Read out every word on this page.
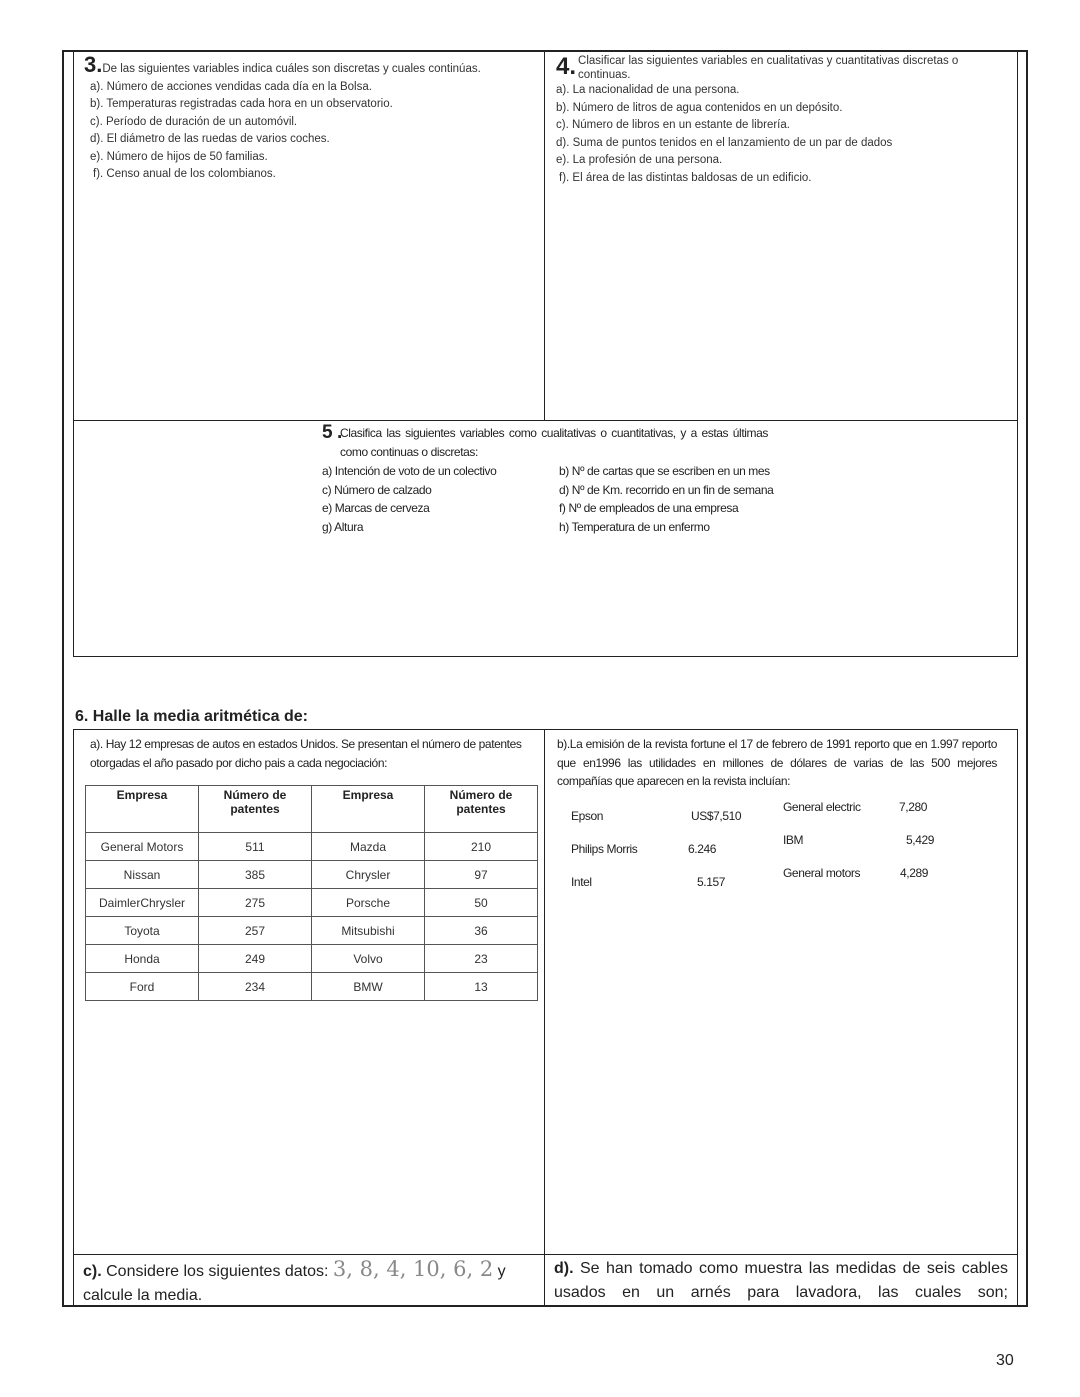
3.De las siguientes variables indica cuáles son discretas y cuales continúas.
a). Número de acciones vendidas cada día en la Bolsa.
b). Temperaturas registradas cada hora en un observatorio.
c). Período de duración de un automóvil.
d). El diámetro de las ruedas de varios coches.
e). Número de hijos de 50 familias.
f). Censo anual de los colombianos.
4. Clasificar las siguientes variables en cualitativas y cuantitativas discretas o continuas.
a). La nacionalidad de una persona.
b). Número de litros de agua contenidos en un depósito.
c). Número de libros en un estante de librería.
d). Suma de puntos tenidos en el lanzamiento de un par de dados
e). La profesión de una persona.
f). El área de las distintas baldosas de un edificio.
5 .
Clasifica las siguientes variables como cualitativas o cuantitativas, y a estas últimas como continuas o discretas:
a) Intención de voto de un colectivo
c) Número de calzado
e) Marcas de cerveza
g) Altura
b) Nº de cartas que se escriben en un mes
d) Nº de Km. recorrido en un fin de semana
f) Nº de empleados de una empresa
h) Temperatura de un enfermo
6. Halle la media aritmética de:
a). Hay 12 empresas de autos en estados Unidos. Se presentan el número de patentes otorgadas el año pasado por dicho pais a cada negociación:
Empresa	Número de patentes	Empresa	Número de patentes
General Motors	511	Mazda	210
Nissan	385	Chrysler	97
DaimlerChrysler	275	Porsche	50
Toyota	257	Mitsubishi	36
Honda	249	Volvo	23
Ford	234	BMW	13
b).La emisión de la revista fortune el 17 de febrero de 1991 reporto que en 1.997 reporto que en1996 las utilidades en millones de dólares de varias de las 500 mejores compañías que aparecen en la revista incluían:
Epson	US$7,510
Philips Morris	6.246
Intel	5.157
General electric	7,280
IBM	5,429
General motors	4,289
c). Considere los siguientes datos: 3, 8, 4, 10, 6, 2 y calcule la media.
d). Se han tomado como muestra las medidas de seis cables usados en un arnés para lavadora, las cuales son;
30
